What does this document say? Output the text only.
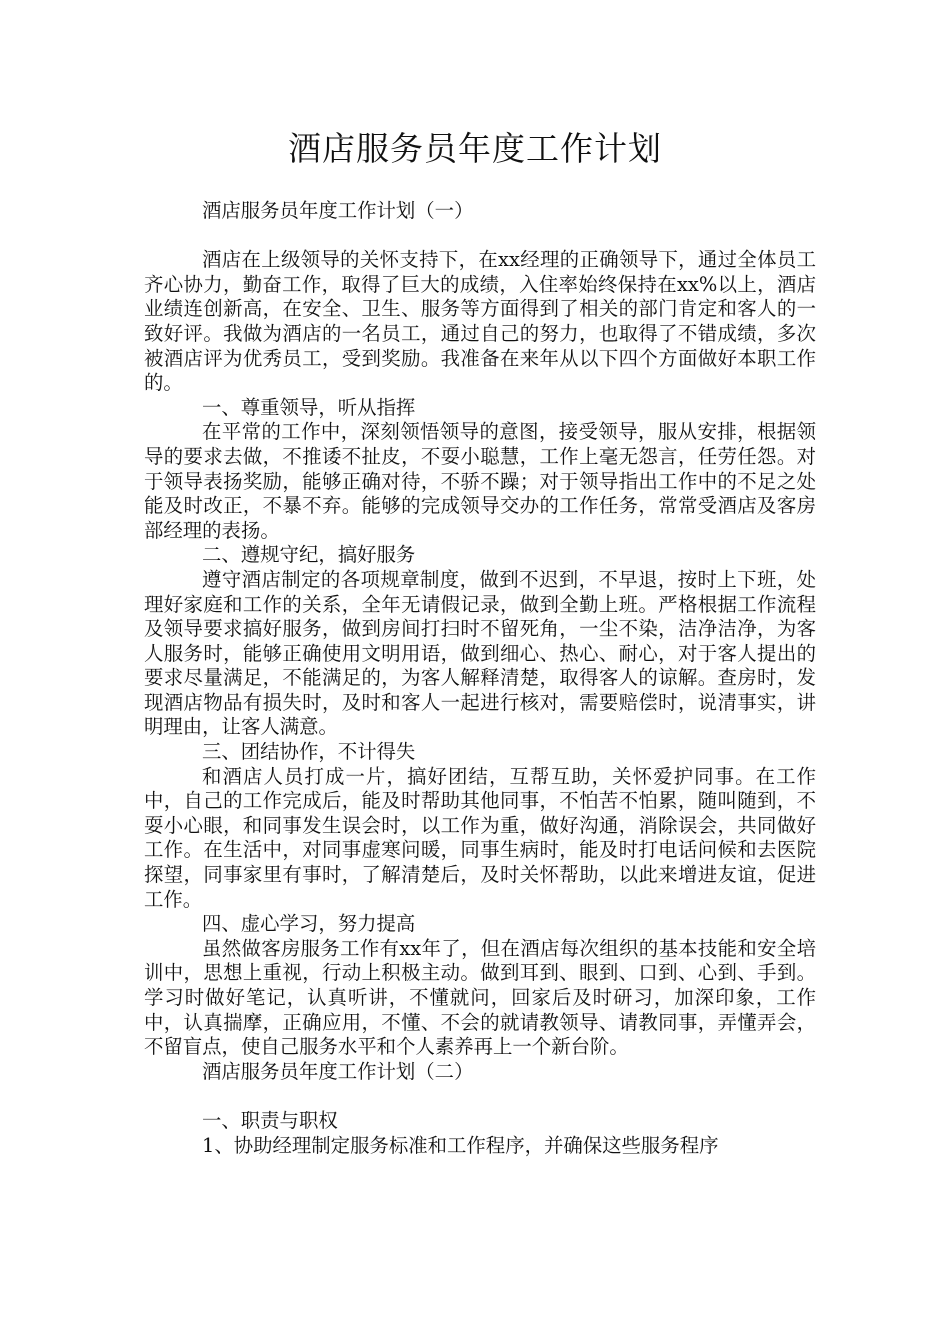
酒店服务员年度工作计划

酒店服务员年度工作计划（一）

酒店在上级领导的关怀支持下，在xx经理的正确领导下，通过全体员工齐心协力，勤奋工作，取得了巨大的成绩，入住率始终保持在xx%以上，酒店业绩连创新高，在安全、卫生、服务等方面得到了相关的部门肯定和客人的一致好评。我做为酒店的一名员工，通过自己的努力，也取得了不错成绩，多次被酒店评为优秀员工，受到奖励。我准备在来年从以下四个方面做好本职工作的。

一、尊重领导，听从指挥

在平常的工作中，深刻领悟领导的意图，接受领导，服从安排，根据领导的要求去做，不推诿不扯皮，不耍小聪慧，工作上毫无怨言，任劳任怨。对于领导表扬奖励，能够正确对待，不骄不躁；对于领导指出工作中的不足之处能及时改正，不暴不弃。能够的完成领导交办的工作任务，常常受酒店及客房部经理的表扬。

二、遵规守纪，搞好服务

遵守酒店制定的各项规章制度，做到不迟到，不早退，按时上下班，处理好家庭和工作的关系，全年无请假记录，做到全勤上班。严格根据工作流程及领导要求搞好服务，做到房间打扫时不留死角，一尘不染，洁净洁净，为客人服务时，能够正确使用文明用语，做到细心、热心、耐心，对于客人提出的要求尽量满足，不能满足的，为客人解释清楚，取得客人的谅解。查房时，发现酒店物品有损失时，及时和客人一起进行核对，需要赔偿时，说清事实，讲明理由，让客人满意。

三、团结协作，不计得失

和酒店人员打成一片，搞好团结，互帮互助，关怀爱护同事。在工作中，自己的工作完成后，能及时帮助其他同事，不怕苦不怕累，随叫随到，不耍小心眼，和同事发生误会时，以工作为重，做好沟通，消除误会，共同做好工作。在生活中，对同事虚寒问暖，同事生病时，能及时打电话问候和去医院探望，同事家里有事时，了解清楚后，及时关怀帮助，以此来增进友谊，促进工作。

四、虚心学习，努力提高

虽然做客房服务工作有xx年了，但在酒店每次组织的基本技能和安全培训中，思想上重视，行动上积极主动。做到耳到、眼到、口到、心到、手到。学习时做好笔记，认真听讲，不懂就问，回家后及时研习，加深印象，工作中，认真揣摩，正确应用，不懂、不会的就请教领导、请教同事，弄懂弄会，不留盲点，使自己服务水平和个人素养再上一个新台阶。

酒店服务员年度工作计划（二）

一、职责与职权

1、协助经理制定服务标准和工作程序，并确保这些服务程序
